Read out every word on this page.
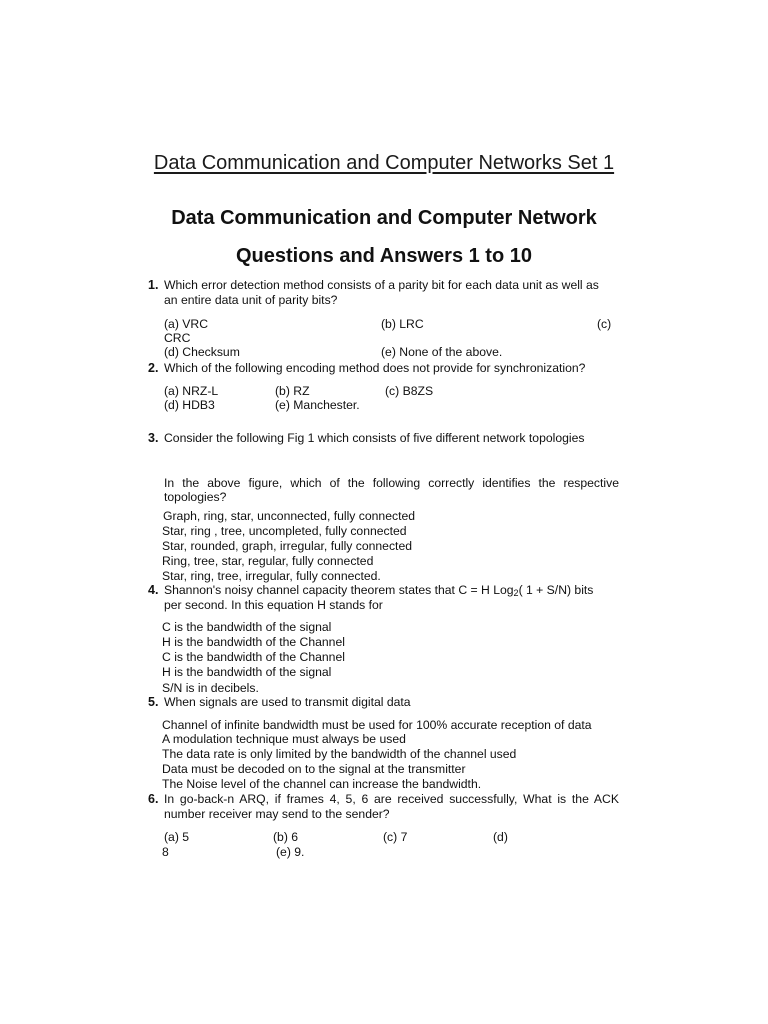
Data Communication and Computer Networks Set 1
Data Communication and Computer Network
Questions and Answers 1 to 10
1. Which error detection method consists of a parity bit for each data unit as well as
an entire data unit of parity bits?
(a) VRC	(b) LRC	(c)
CRC
(d) Checksum	(e) None of the above.
2. Which of the following encoding method does not provide for synchronization?
(a) NRZ-L	(b) RZ	(c) B8ZS
(d) HDB3	(e) Manchester.
3. Consider the following Fig 1 which consists of five different network topologies
In the above figure, which of the following correctly identifies the respective
topologies?
Graph, ring, star, unconnected, fully connected
Star, ring , tree, uncompleted, fully connected
Star, rounded, graph, irregular, fully connected
Ring, tree, star, regular, fully connected
Star, ring, tree, irregular, fully connected.
4. Shannon's noisy channel capacity theorem states that C = H Log$_2$( 1 + S/N) bits
per second. In this equation H stands for
C is the bandwidth of the signal
H is the bandwidth of the Channel
C is the bandwidth of the Channel
H is the bandwidth of the signal
S/N is in decibels.
5. When signals are used to transmit digital data
Channel of infinite bandwidth must be used for 100% accurate reception of data
A modulation technique must always be used
The data rate is only limited by the bandwidth of the channel used
Data must be decoded on to the signal at the transmitter
The Noise level of the channel can increase the bandwidth.
6. In go-back-n ARQ, if frames 4, 5, 6 are received successfully, What is the ACK
number receiver may send to the sender?
(a) 5	(b) 6	(c) 7	(d)
8	(e) 9.
